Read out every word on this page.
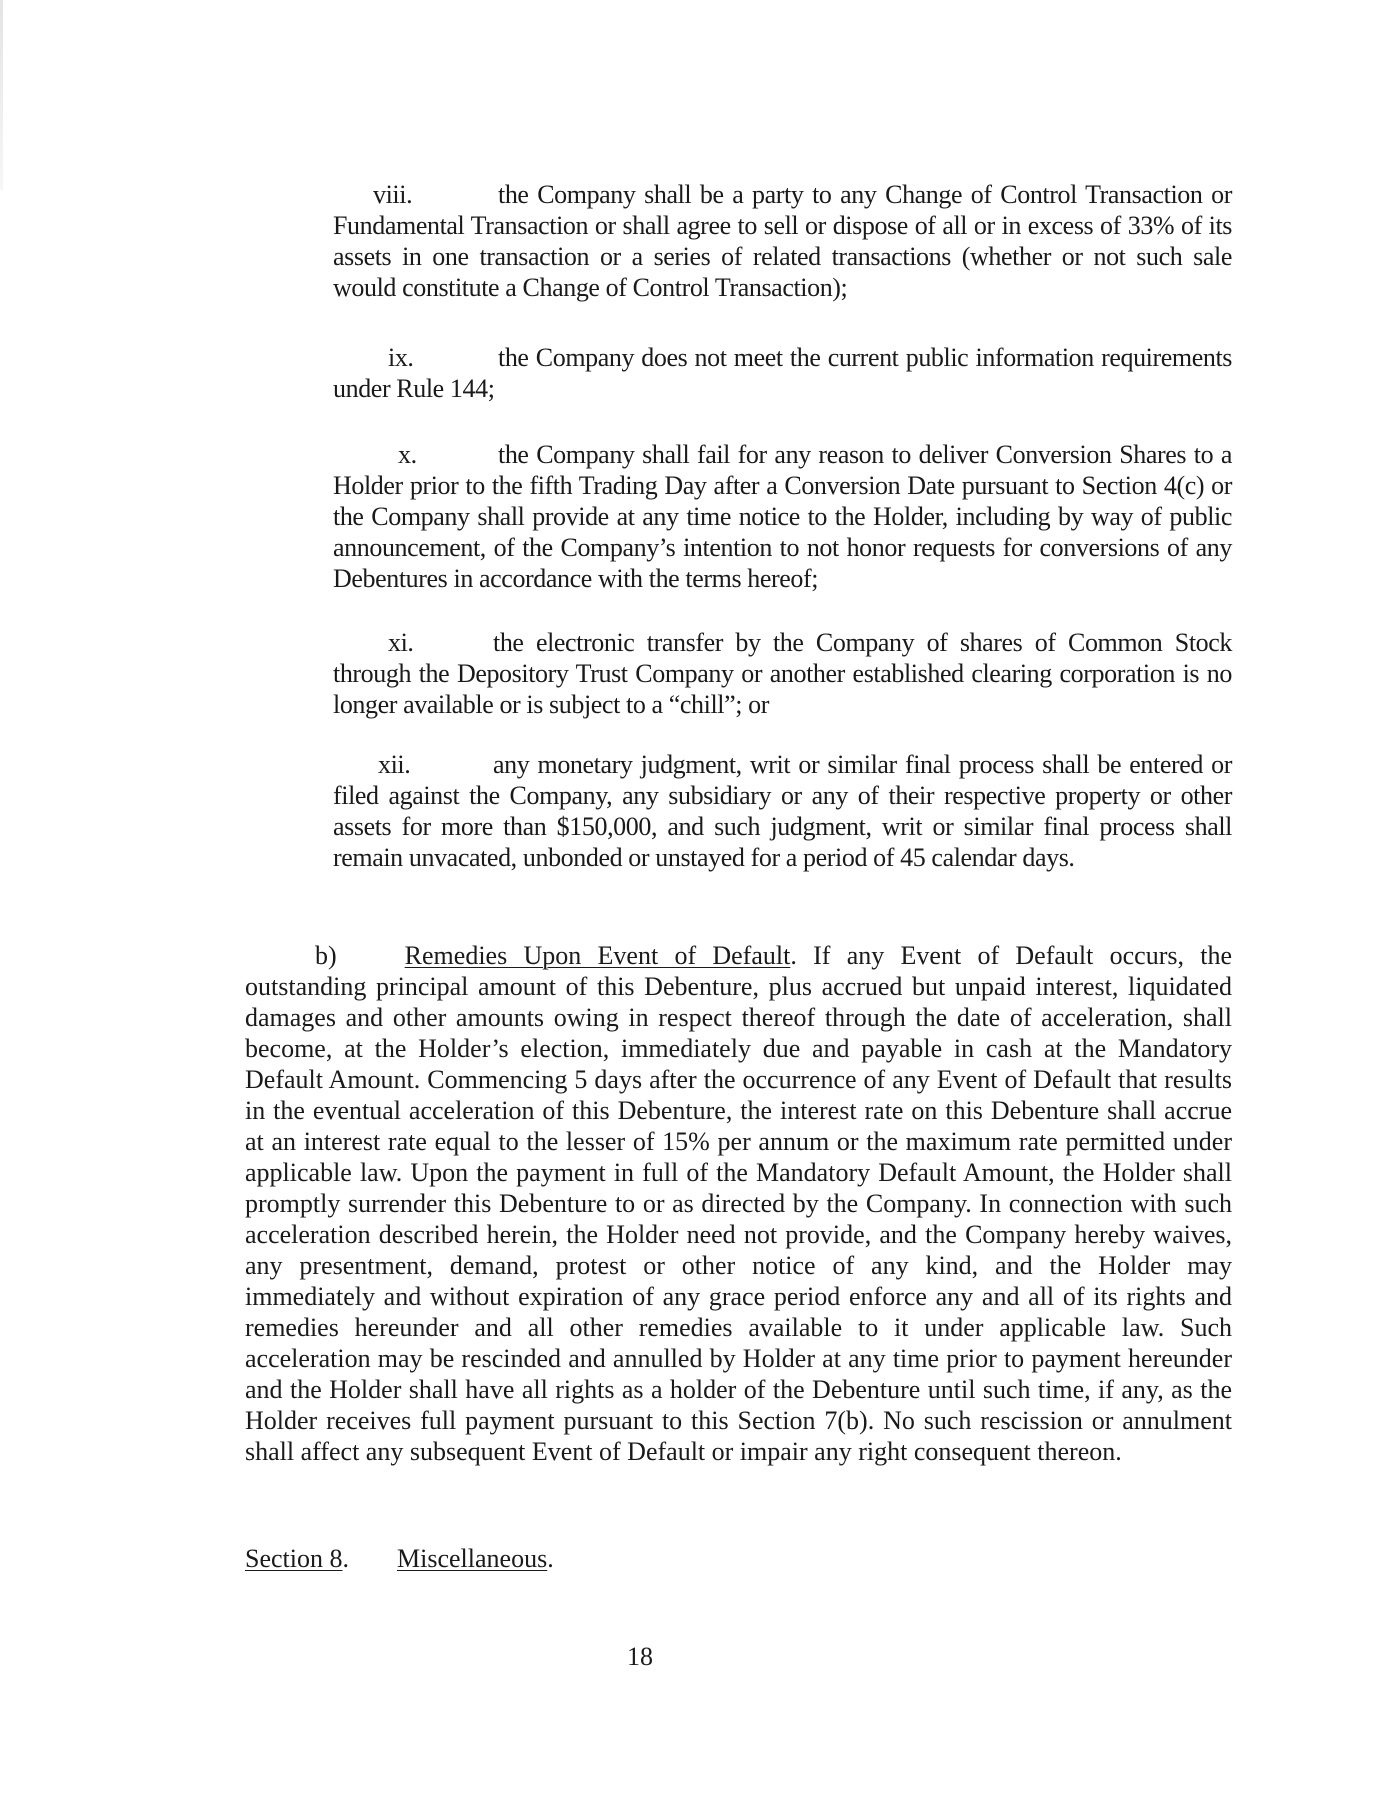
viii.	the Company shall be a party to any Change of Control Transaction or Fundamental Transaction or shall agree to sell or dispose of all or in excess of 33% of its assets in one transaction or a series of related transactions (whether or not such sale would constitute a Change of Control Transaction);
ix.	the Company does not meet the current public information requirements under Rule 144;
x.	the Company shall fail for any reason to deliver Conversion Shares to a Holder prior to the fifth Trading Day after a Conversion Date pursuant to Section 4(c) or the Company shall provide at any time notice to the Holder, including by way of public announcement, of the Company’s intention to not honor requests for conversions of any Debentures in accordance with the terms hereof;
xi.	the electronic transfer by the Company of shares of Common Stock through the Depository Trust Company or another established clearing corporation is no longer available or is subject to a “chill”; or
xii.	any monetary judgment, writ or similar final process shall be entered or filed against the Company, any subsidiary or any of their respective property or other assets for more than $150,000, and such judgment, writ or similar final process shall remain unvacated, unbonded or unstayed for a period of 45 calendar days.
b)	Remedies Upon Event of Default. If any Event of Default occurs, the outstanding principal amount of this Debenture, plus accrued but unpaid interest, liquidated damages and other amounts owing in respect thereof through the date of acceleration, shall become, at the Holder’s election, immediately due and payable in cash at the Mandatory Default Amount. Commencing 5 days after the occurrence of any Event of Default that results in the eventual acceleration of this Debenture, the interest rate on this Debenture shall accrue at an interest rate equal to the lesser of 15% per annum or the maximum rate permitted under applicable law. Upon the payment in full of the Mandatory Default Amount, the Holder shall promptly surrender this Debenture to or as directed by the Company. In connection with such acceleration described herein, the Holder need not provide, and the Company hereby waives, any presentment, demand, protest or other notice of any kind, and the Holder may immediately and without expiration of any grace period enforce any and all of its rights and remedies hereunder and all other remedies available to it under applicable law. Such acceleration may be rescinded and annulled by Holder at any time prior to payment hereunder and the Holder shall have all rights as a holder of the Debenture until such time, if any, as the Holder receives full payment pursuant to this Section 7(b). No such rescission or annulment shall affect any subsequent Event of Default or impair any right consequent thereon.
Section 8. Miscellaneous.
18
